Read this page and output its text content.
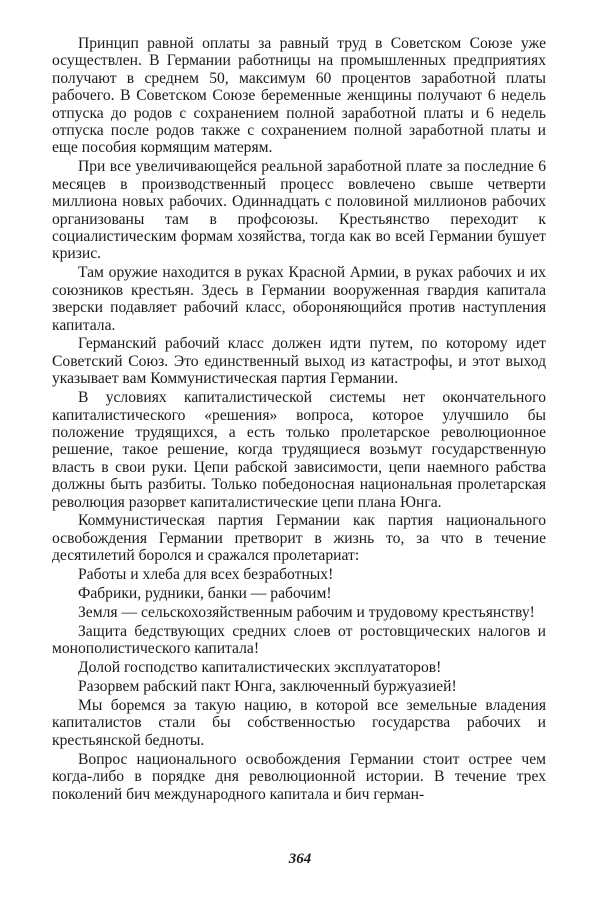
Принцип равной оплаты за равный труд в Советском Союзе уже осуществлен. В Германии работницы на промышленных предприятиях получают в среднем 50, максимум 60 процентов заработной платы рабочего. В Советском Союзе беременные женщины получают 6 недель отпуска до родов с сохранением полной заработной платы и 6 недель отпуска после родов также с сохранением полной заработной платы и еще пособия кормящим матерям.

При все увеличивающейся реальной заработной плате за последние 6 месяцев в производственный процесс вовлечено свыше четверти миллиона новых рабочих. Одиннадцать с половиной миллионов рабочих организованы там в профсоюзы. Крестьянство переходит к социалистическим формам хозяйства, тогда как во всей Германии бушует кризис.

Там оружие находится в руках Красной Армии, в руках рабочих и их союзников крестьян. Здесь в Германии вооруженная гвардия капитала зверски подавляет рабочий класс, обороняющийся против наступления капитала.

Германский рабочий класс должен идти путем, по которому идет Советский Союз. Это единственный выход из катастрофы, и этот выход указывает вам Коммунистическая партия Германии.

В условиях капиталистической системы нет окончательного капиталистического «решения» вопроса, которое улучшило бы положение трудящихся, а есть только пролетарское революционное решение, такое решение, когда трудящиеся возьмут государственную власть в свои руки. Цепи рабской зависимости, цепи наемного рабства должны быть разбиты. Только победоносная национальная пролетарская революция разорвет капиталистические цепи плана Юнга.

Коммунистическая партия Германии как партия национального освобождения Германии претворит в жизнь то, за что в течение десятилетий боролся и сражался пролетариат:

Работы и хлеба для всех безработных!

Фабрики, рудники, банки — рабочим!

Земля — сельскохозяйственным рабочим и трудовому крестьянству!

Защита бедствующих средних слоев от ростовщических налогов и монополистического капитала!

Долой господство капиталистических эксплуататоров!

Разорвем рабский пакт Юнга, заключенный буржуазией!

Мы боремся за такую нацию, в которой все земельные владения капиталистов стали бы собственностью государства рабочих и крестьянской бедноты.

Вопрос национального освобождения Германии стоит острее чем когда-либо в порядке дня революционной истории. В течение трех поколений бич международного капитала и бич герман-

364
